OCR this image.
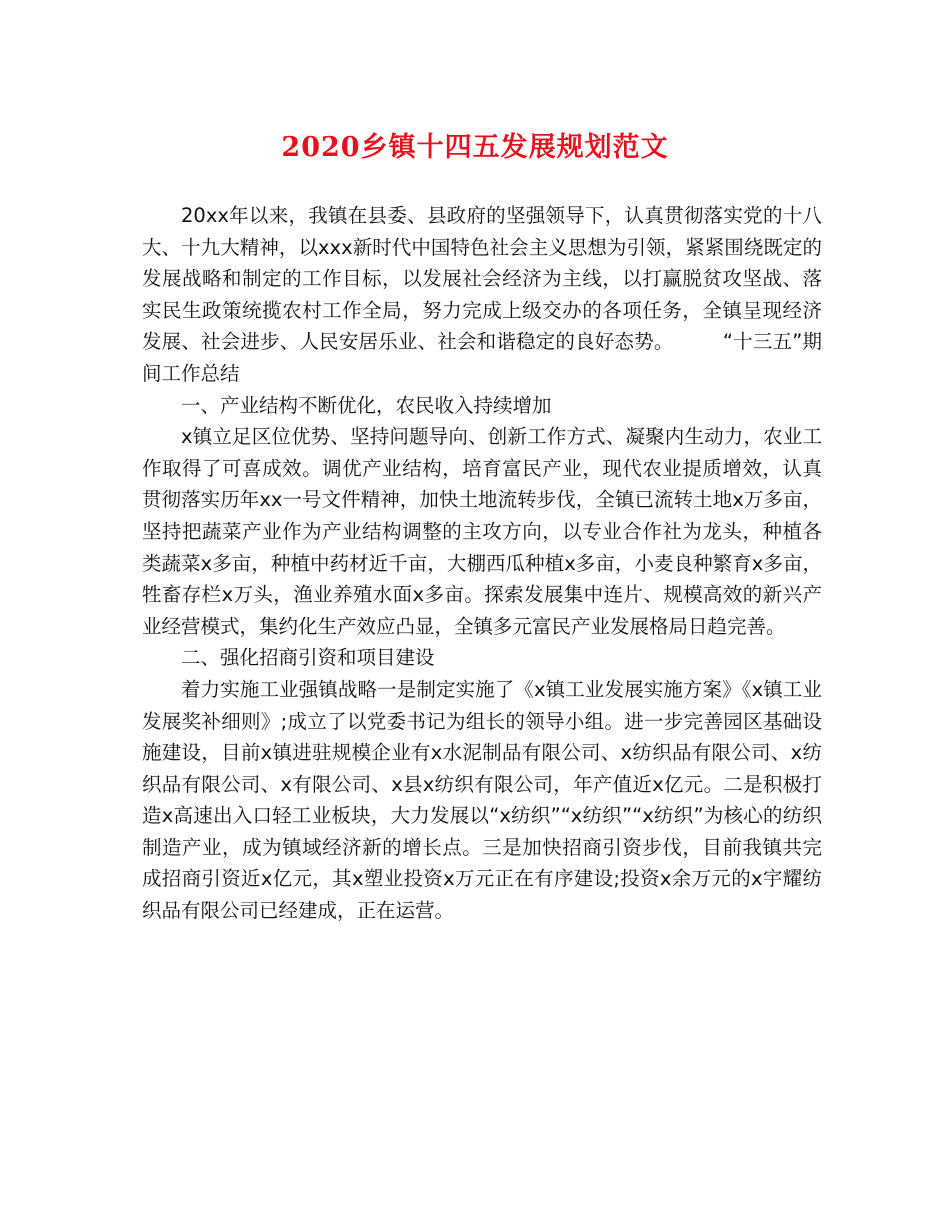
2020乡镇十四五发展规划范文

20xx年以来，我镇在县委、县政府的坚强领导下，认真贯彻落实党的十八大、十九大精神，以xxx新时代中国特色社会主义思想为引领，紧紧围绕既定的发展战略和制定的工作目标，以发展社会经济为主线，以打赢脱贫攻坚战、落实民生政策统揽农村工作全局，努力完成上级交办的各项任务，全镇呈现经济发展、社会进步、人民安居乐业、社会和谐稳定的良好态势。　　　“十三五”期间工作总结

一、产业结构不断优化，农民收入持续增加

x镇立足区位优势、坚持问题导向、创新工作方式、凝聚内生动力，农业工作取得了可喜成效。调优产业结构，培育富民产业，现代农业提质增效，认真贯彻落实历年xx一号文件精神，加快土地流转步伐，全镇已流转土地x万多亩，坚持把蔬菜产业作为产业结构调整的主攻方向，以专业合作社为龙头，种植各类蔬菜x多亩，种植中药材近千亩，大棚西瓜种植x多亩，小麦良种繁育x多亩，牲畜存栏x万头，渔业养殖水面x多亩。探索发展集中连片、规模高效的新兴产业经营模式，集约化生产效应凸显，全镇多元富民产业发展格局日趋完善。

二、强化招商引资和项目建设

着力实施工业强镇战略一是制定实施了《x镇工业发展实施方案》《x镇工业发展奖补细则》;成立了以党委书记为组长的领导小组。进一步完善园区基础设施建设，目前x镇进驻规模企业有x水泥制品有限公司、x纺织品有限公司、x纺织品有限公司、x有限公司、x县x纺织有限公司，年产值近x亿元。二是积极打造x高速出入口轻工业板块，大力发展以“x纺织”“x纺织”“x纺织”为核心的纺织制造产业，成为镇域经济新的增长点。三是加快招商引资步伐，目前我镇共完成招商引资近x亿元，其x塑业投资x万元正在有序建设;投资x余万元的x宇耀纺织品有限公司已经建成，正在运营。
